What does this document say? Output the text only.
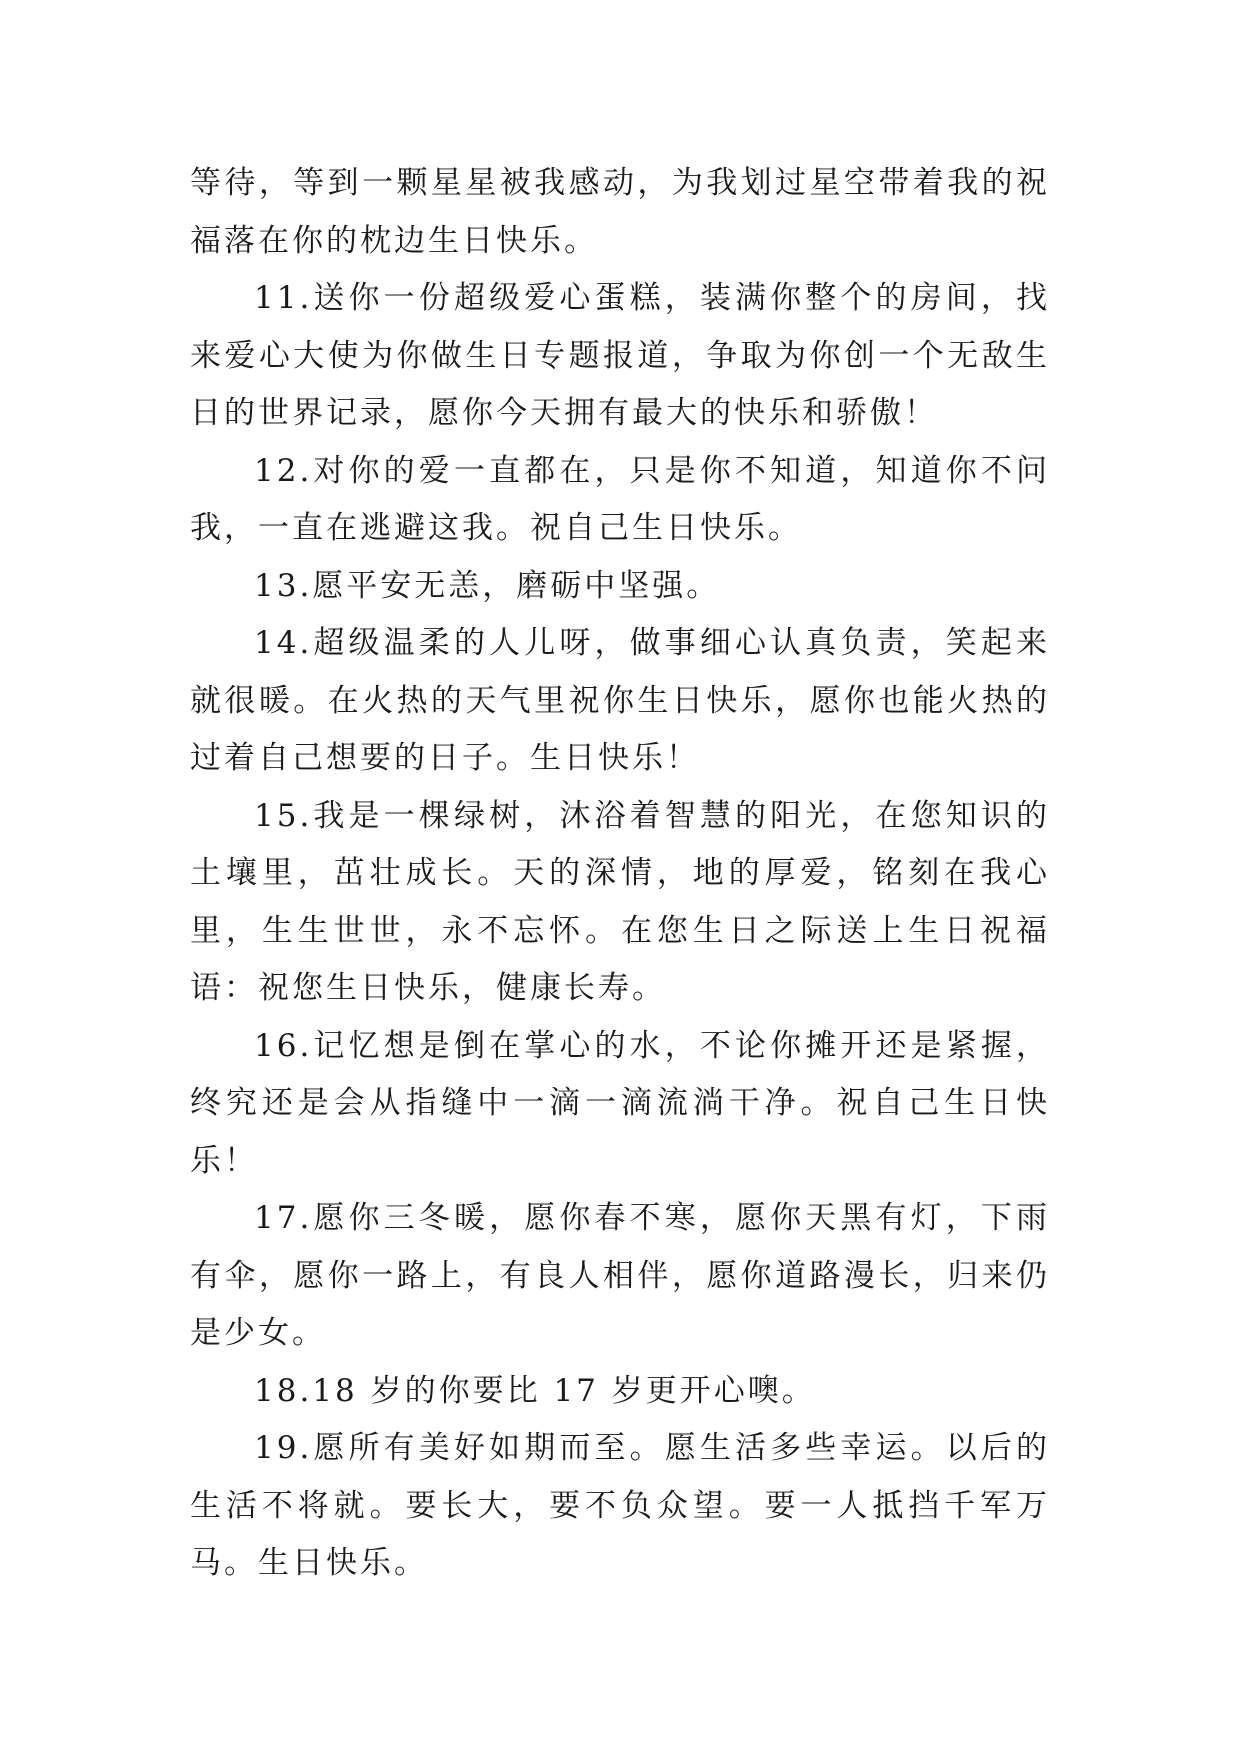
等待，等到一颗星星被我感动，为我划过星空带着我的祝福落在你的枕边生日快乐。

11.送你一份超级爱心蛋糕，装满你整个的房间，找来爱心大使为你做生日专题报道，争取为你创一个无敌生日的世界记录，愿你今天拥有最大的快乐和骄傲！

12.对你的爱一直都在，只是你不知道，知道你不问我，一直在逃避这我。祝自己生日快乐。

13.愿平安无恙，磨砺中坚强。

14.超级温柔的人儿呀，做事细心认真负责，笑起来就很暖。在火热的天气里祝你生日快乐，愿你也能火热的过着自己想要的日子。生日快乐！

15.我是一棵绿树，沐浴着智慧的阳光，在您知识的土壤里，茁壮成长。天的深情，地的厚爱，铭刻在我心里，生生世世，永不忘怀。在您生日之际送上生日祝福语：祝您生日快乐，健康长寿。

16.记忆想是倒在掌心的水，不论你摊开还是紧握，终究还是会从指缝中一滴一滴流淌干净。祝自己生日快乐！

17.愿你三冬暖，愿你春不寒，愿你天黑有灯，下雨有伞，愿你一路上，有良人相伴，愿你道路漫长，归来仍是少女。

18.18 岁的你要比 17 岁更开心噢。

19.愿所有美好如期而至。愿生活多些幸运。以后的生活不将就。要长大，要不负众望。要一人抵挡千军万马。生日快乐。
